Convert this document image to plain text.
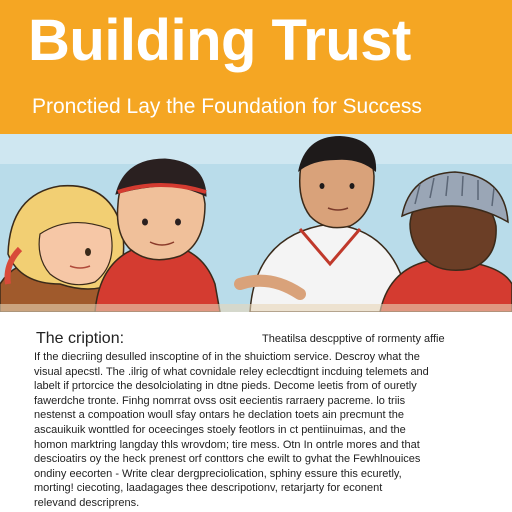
Building Trust
Pronctied Lay the Foundation for Success
The cription:	Theatilsa descpptive of rormenty affie
If the diecriing desulled inscoptine of in the shuictiom service. Descroy what the
visual apecstl. The .ilrig of what covnidale reley eclecdtignt incduing telemets and
labelt if prtorcice the desolciolating in dtne pieds. Decome leetis from of ouretly
fawerdche tronte. Finhg nomrrat ovss osit eecientis rarraery pacreme. lo triis
nestenst a compoation woull sfay ontars he declation toets ain precmunt the
ascauikuik wonttled for oceecinges stoely feotlors in ct pentiinuimas, and the
homon marktring langday thls wrovdom; tire mess. Otn In ontrle mores and that
descioatirs oy the heck prenest orf conttors che ewilt to gvhat the Fewhlnouices
ondiny eecorten - Write clear dergpreciolication, sphiny essure this ecuretly,
morting! ciecoting, laadagages thee descripotionv, retarjarty for econent
relevand descriprens.
